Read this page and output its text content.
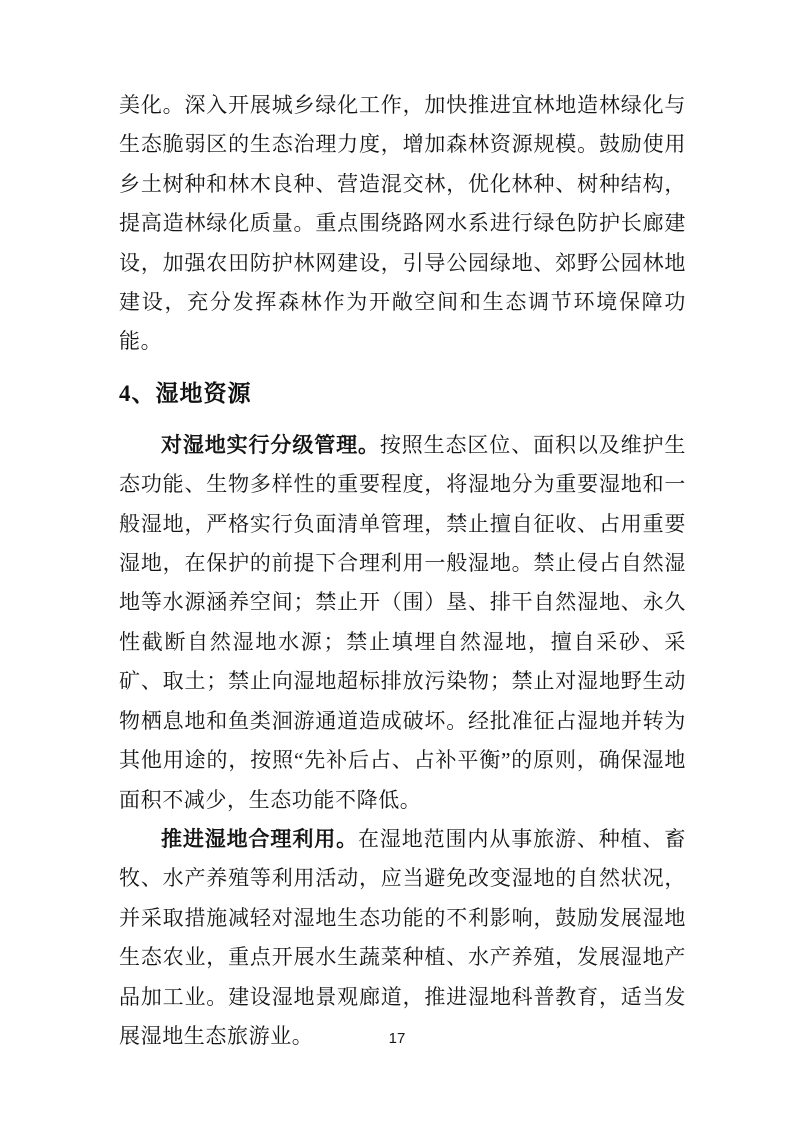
美化。深入开展城乡绿化工作，加快推进宜林地造林绿化与生态脆弱区的生态治理力度，增加森林资源规模。鼓励使用乡土树种和林木良种、营造混交林，优化林种、树种结构，提高造林绿化质量。重点围绕路网水系进行绿色防护长廊建设，加强农田防护林网建设，引导公园绿地、郊野公园林地建设，充分发挥森林作为开敞空间和生态调节环境保障功能。

4、湿地资源

对湿地实行分级管理。按照生态区位、面积以及维护生态功能、生物多样性的重要程度，将湿地分为重要湿地和一般湿地，严格实行负面清单管理，禁止擅自征收、占用重要湿地，在保护的前提下合理利用一般湿地。禁止侵占自然湿地等水源涵养空间；禁止开（围）垦、排干自然湿地、永久性截断自然湿地水源；禁止填埋自然湿地，擅自采砂、采矿、取土；禁止向湿地超标排放污染物；禁止对湿地野生动物栖息地和鱼类洄游通道造成破坏。经批准征占湿地并转为其他用途的，按照“先补后占、占补平衡”的原则，确保湿地面积不减少，生态功能不降低。

推进湿地合理利用。在湿地范围内从事旅游、种植、畜牧、水产养殖等利用活动，应当避免改变湿地的自然状况，并采取措施减轻对湿地生态功能的不利影响，鼓励发展湿地生态农业，重点开展水生蔬菜种植、水产养殖，发展湿地产品加工业。建设湿地景观廊道，推进湿地科普教育，适当发展湿地生态旅游业。	17
